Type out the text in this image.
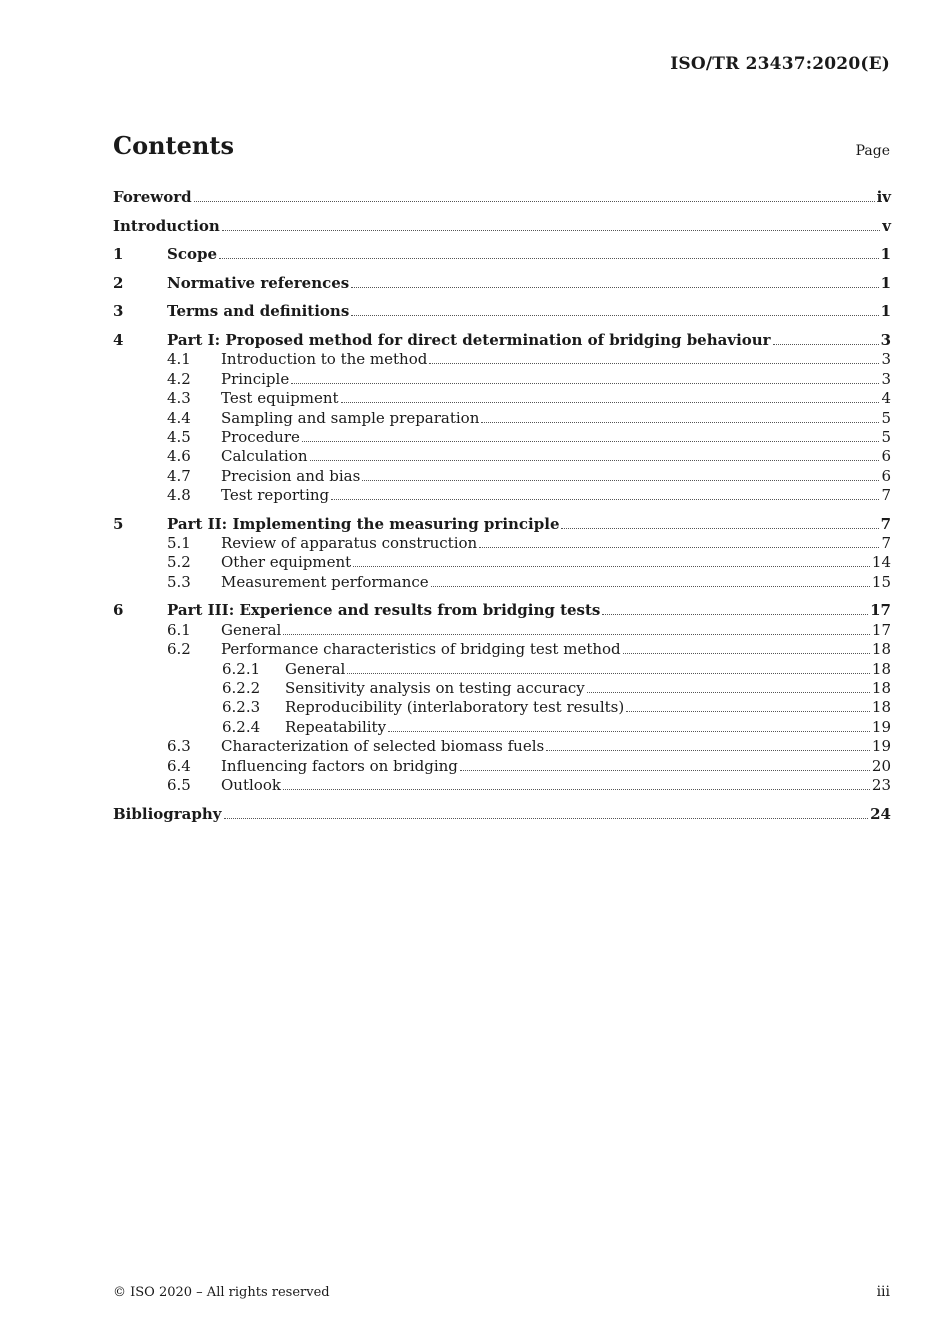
ISO/TR 23437:2020(E)
Contents	Page
Foreword	iv
Introduction	v
1	Scope	1
2	Normative references	1
3	Terms and definitions	1
4	Part I: Proposed method for direct determination of bridging behaviour	3
4.1	Introduction to the method	3
4.2	Principle	3
4.3	Test equipment	4
4.4	Sampling and sample preparation	5
4.5	Procedure	5
4.6	Calculation	6
4.7	Precision and bias	6
4.8	Test reporting	7
5	Part II: Implementing the measuring principle	7
5.1	Review of apparatus construction	7
5.2	Other equipment	14
5.3	Measurement performance	15
6	Part III: Experience and results from bridging tests	17
6.1	General	17
6.2	Performance characteristics of bridging test method	18
6.2.1	General	18
6.2.2	Sensitivity analysis on testing accuracy	18
6.2.3	Reproducibility (interlaboratory test results)	18
6.2.4	Repeatability	19
6.3	Characterization of selected biomass fuels	19
6.4	Influencing factors on bridging	20
6.5	Outlook	23
Bibliography	24
© ISO 2020 – All rights reserved	iii
